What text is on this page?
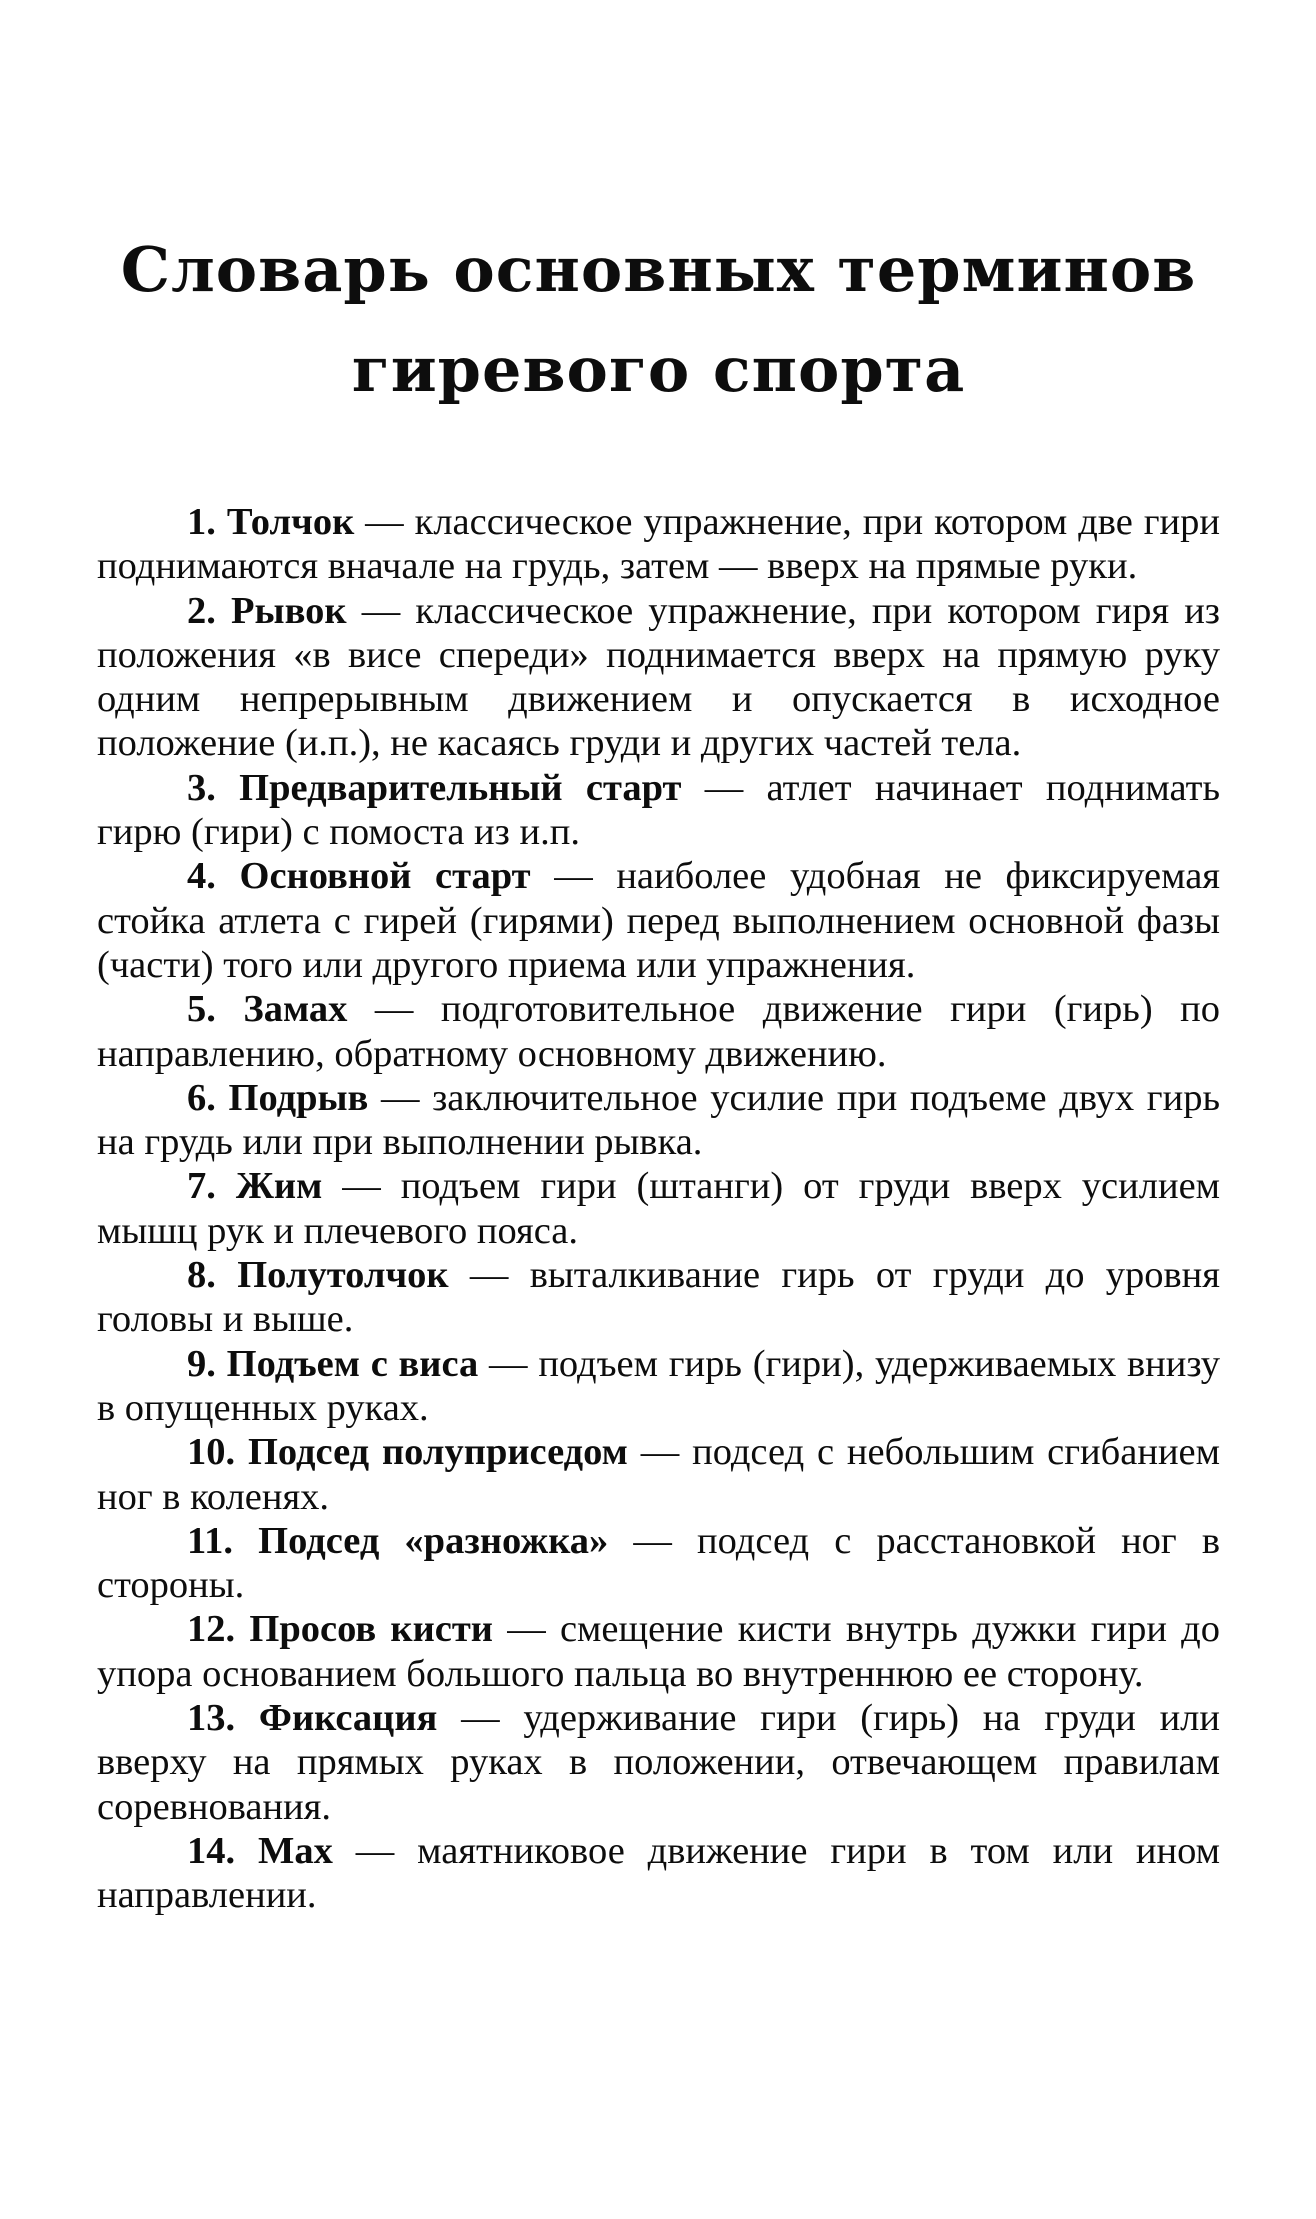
Словарь основных терминов
гиревого спорта

1. Толчок — классическое упражнение, при котором две гири поднимаются вначале на грудь, затем — вверх на прямые руки.

2. Рывок — классическое упражнение, при котором гиря из положения «в висе спереди» поднимается вверх на прямую руку одним непрерывным движением и опускается в исходное положение (и.п.), не касаясь груди и других частей тела.

3. Предварительный старт — атлет начинает поднимать гирю (гири) с помоста из и.п.

4. Основной старт — наиболее удобная не фиксируемая стойка атлета с гирей (гирями) перед выполнением основной фазы (части) того или другого приема или упражнения.

5. Замах — подготовительное движение гири (гирь) по направлению, обратному основному движению.

6. Подрыв — заключительное усилие при подъеме двух гирь на грудь или при выполнении рывка.

7. Жим — подъем гири (штанги) от груди вверх усилием мышц рук и плечевого пояса.

8. Полутолчок — выталкивание гирь от груди до уровня головы и выше.

9. Подъем с виса — подъем гирь (гири), удерживаемых внизу в опущенных руках.

10. Подсед полуприседом — подсед с небольшим сгибанием ног в коленях.

11. Подсед «разножка» — подсед с расстановкой ног в стороны.

12. Просов кисти — смещение кисти внутрь дужки гири до упора основанием большого пальца во внутреннюю ее сторону.

13. Фиксация — удерживание гири (гирь) на груди или вверху на прямых руках в положении, отвечающем правилам соревнования.

14. Мах — маятниковое движение гири в том или ином направлении.
